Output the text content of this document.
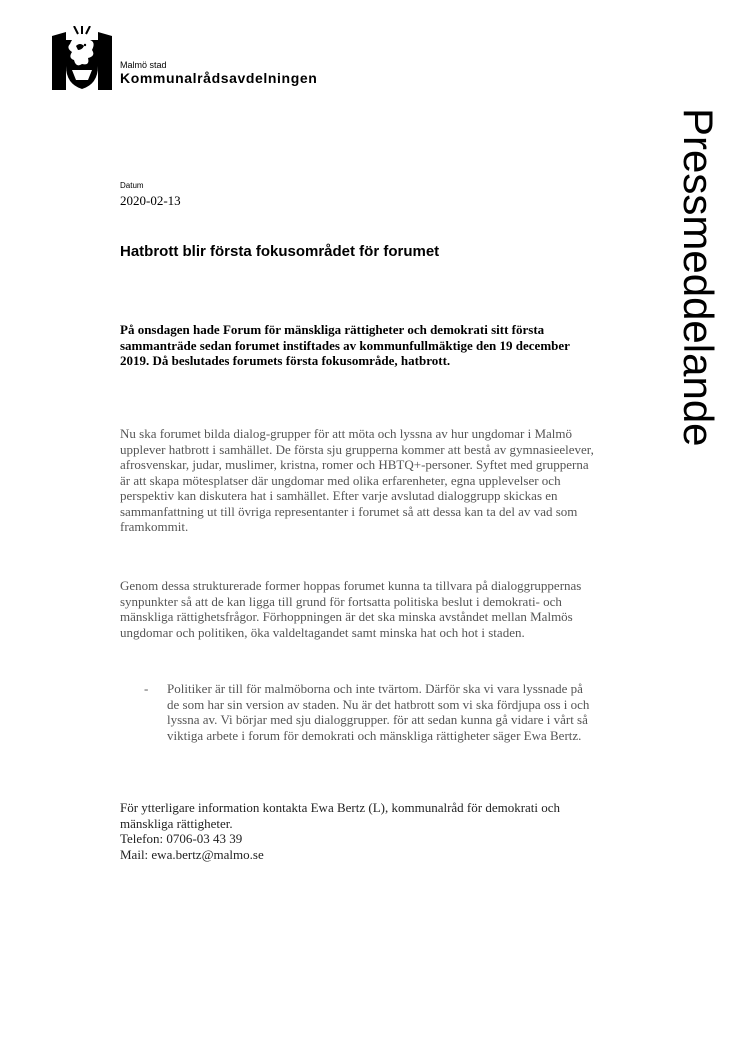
Malmö stad
Kommunalrådsavdelningen
Pressmeddelande
Datum
2020-02-13
Hatbrott blir första fokusområdet för forumet

På onsdagen hade Forum för mänskliga rättigheter och demokrati sitt första sammanträde sedan forumet instiftades av kommunfullmäktige den 19 december 2019. Då beslutades forumets första fokusområde, hatbrott.

Nu ska forumet bilda dialog-grupper för att möta och lyssna av hur ungdomar i Malmö upplever hatbrott i samhället. De första sju grupperna kommer att bestå av gymnasieelever, afrosvenskar, judar, muslimer, kristna, romer och HBTQ+-personer. Syftet med grupperna är att skapa mötesplatser där ungdomar med olika erfarenheter, egna upplevelser och perspektiv kan diskutera hat i samhället. Efter varje avslutad dialoggrupp skickas en sammanfattning ut till övriga representanter i forumet så att dessa kan ta del av vad som framkommit.

Genom dessa strukturerade former hoppas forumet kunna ta tillvara på dialoggruppernas synpunkter så att de kan ligga till grund för fortsatta politiska beslut i demokrati- och mänskliga rättighetsfrågor. Förhoppningen är det ska minska avståndet mellan Malmös ungdomar och politiken, öka valdeltagandet samt minska hat och hot i staden.

- Politiker är till för malmöborna och inte tvärtom. Därför ska vi vara lyssnade på de som har sin version av staden. Nu är det hatbrott som vi ska fördjupa oss i och lyssna av. Vi börjar med sju dialoggrupper. för att sedan kunna gå vidare i vårt så viktiga arbete i forum för demokrati och mänskliga rättigheter säger Ewa Bertz.

För ytterligare information kontakta Ewa Bertz (L), kommunalråd för demokrati och mänskliga rättigheter.

Telefon: 0706-03 43 39

Mail: ewa.bertz@malmo.se
